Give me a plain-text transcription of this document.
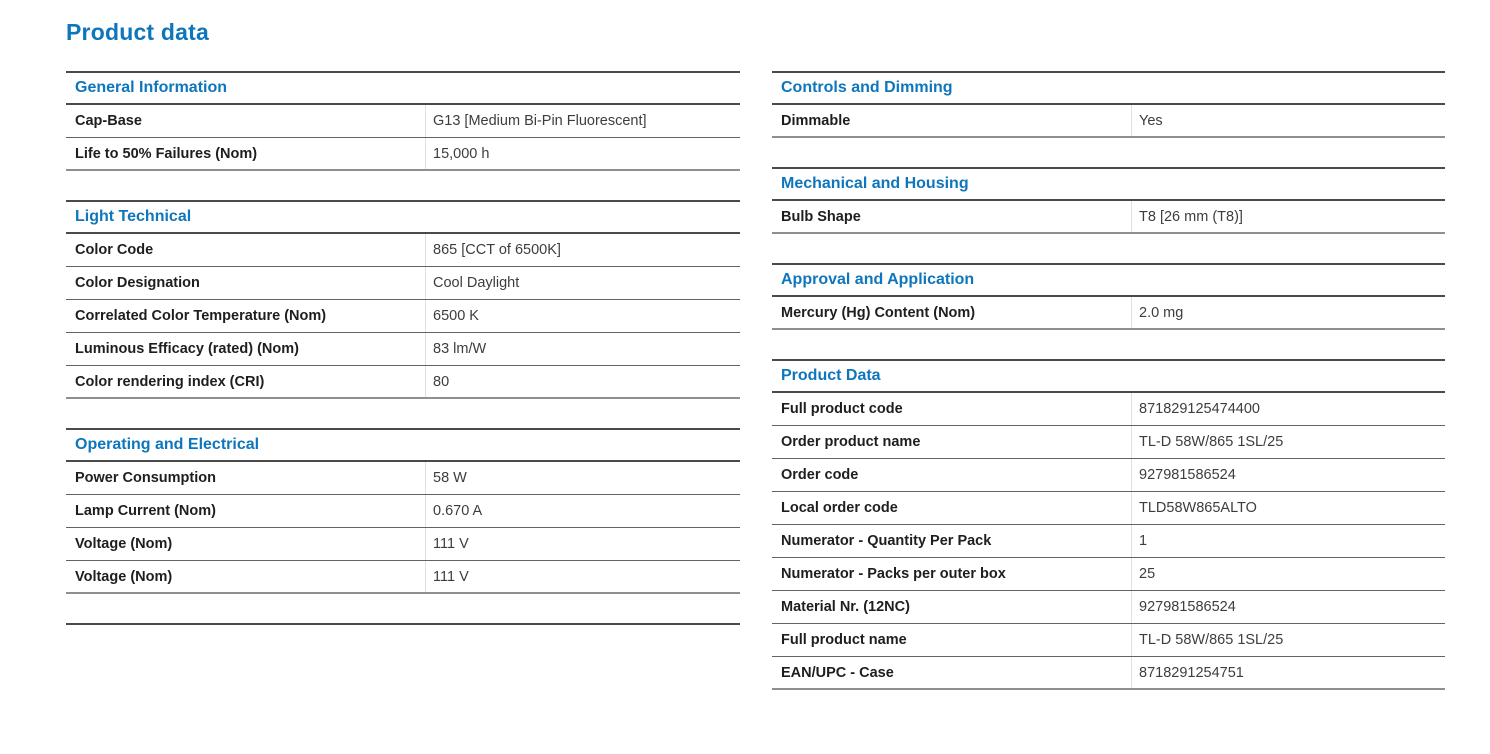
Product data
General Information
Cap-Base	G13 [Medium Bi-Pin Fluorescent]
Life to 50% Failures (Nom)	15,000 h
Light Technical
Color Code	865 [CCT of 6500K]
Color Designation	Cool Daylight
Correlated Color Temperature (Nom)	6500 K
Luminous Efficacy (rated) (Nom)	83 lm/W
Color rendering index (CRI)	80
Operating and Electrical
Power Consumption	58 W
Lamp Current (Nom)	0.670 A
Voltage (Nom)	111 V
Voltage (Nom)	111 V
Controls and Dimming
Dimmable	Yes
Mechanical and Housing
Bulb Shape	T8 [26 mm (T8)]
Approval and Application
Mercury (Hg) Content (Nom)	2.0 mg
Product Data
Full product code	871829125474400
Order product name	TL-D 58W/865 1SL/25
Order code	927981586524
Local order code	TLD58W865ALTO
Numerator - Quantity Per Pack	1
Numerator - Packs per outer box	25
Material Nr. (12NC)	927981586524
Full product name	TL-D 58W/865 1SL/25
EAN/UPC - Case	8718291254751
